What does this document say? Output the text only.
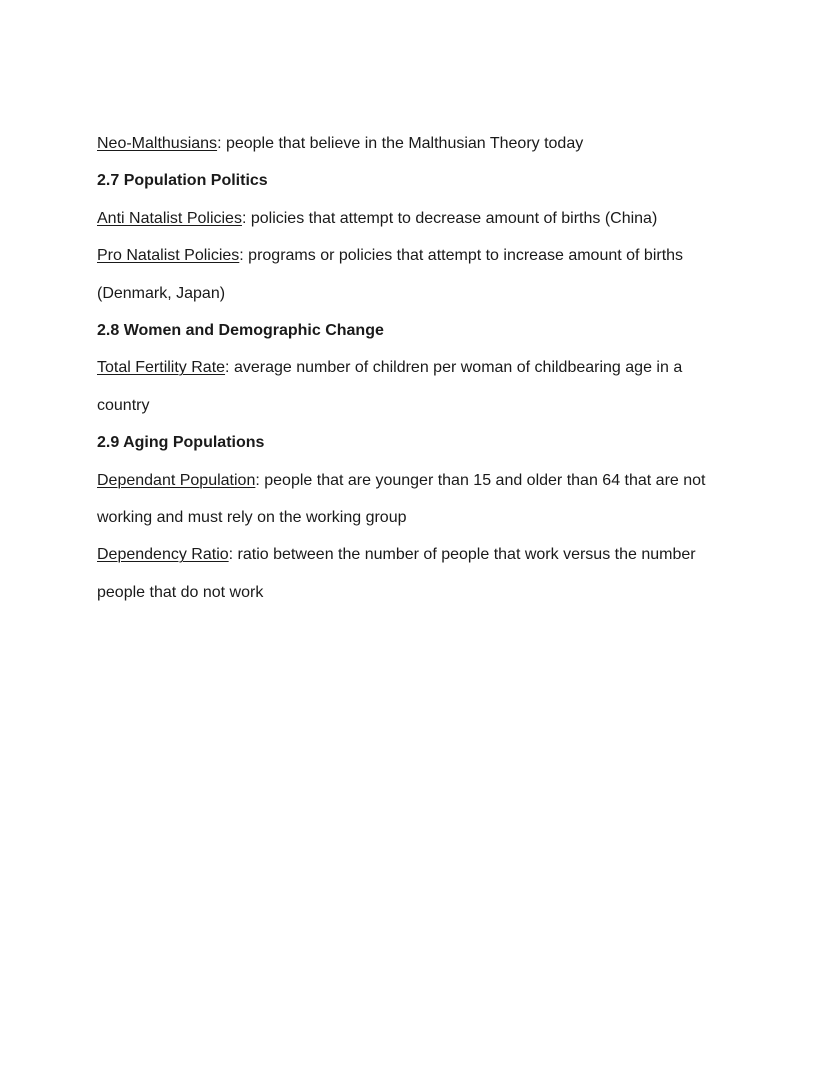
Neo-Malthusians: people that believe in the Malthusian Theory today

2.7 Population Politics

Anti Natalist Policies: policies that attempt to decrease amount of births (China)

Pro Natalist Policies: programs or policies that attempt to increase amount of births

(Denmark, Japan)

2.8 Women and Demographic Change

Total Fertility Rate: average number of children per woman of childbearing age in a

country

2.9 Aging Populations

Dependant Population: people that are younger than 15 and older than 64 that are not

working and must rely on the working group

Dependency Ratio: ratio between the number of people that work versus the number

people that do not work
